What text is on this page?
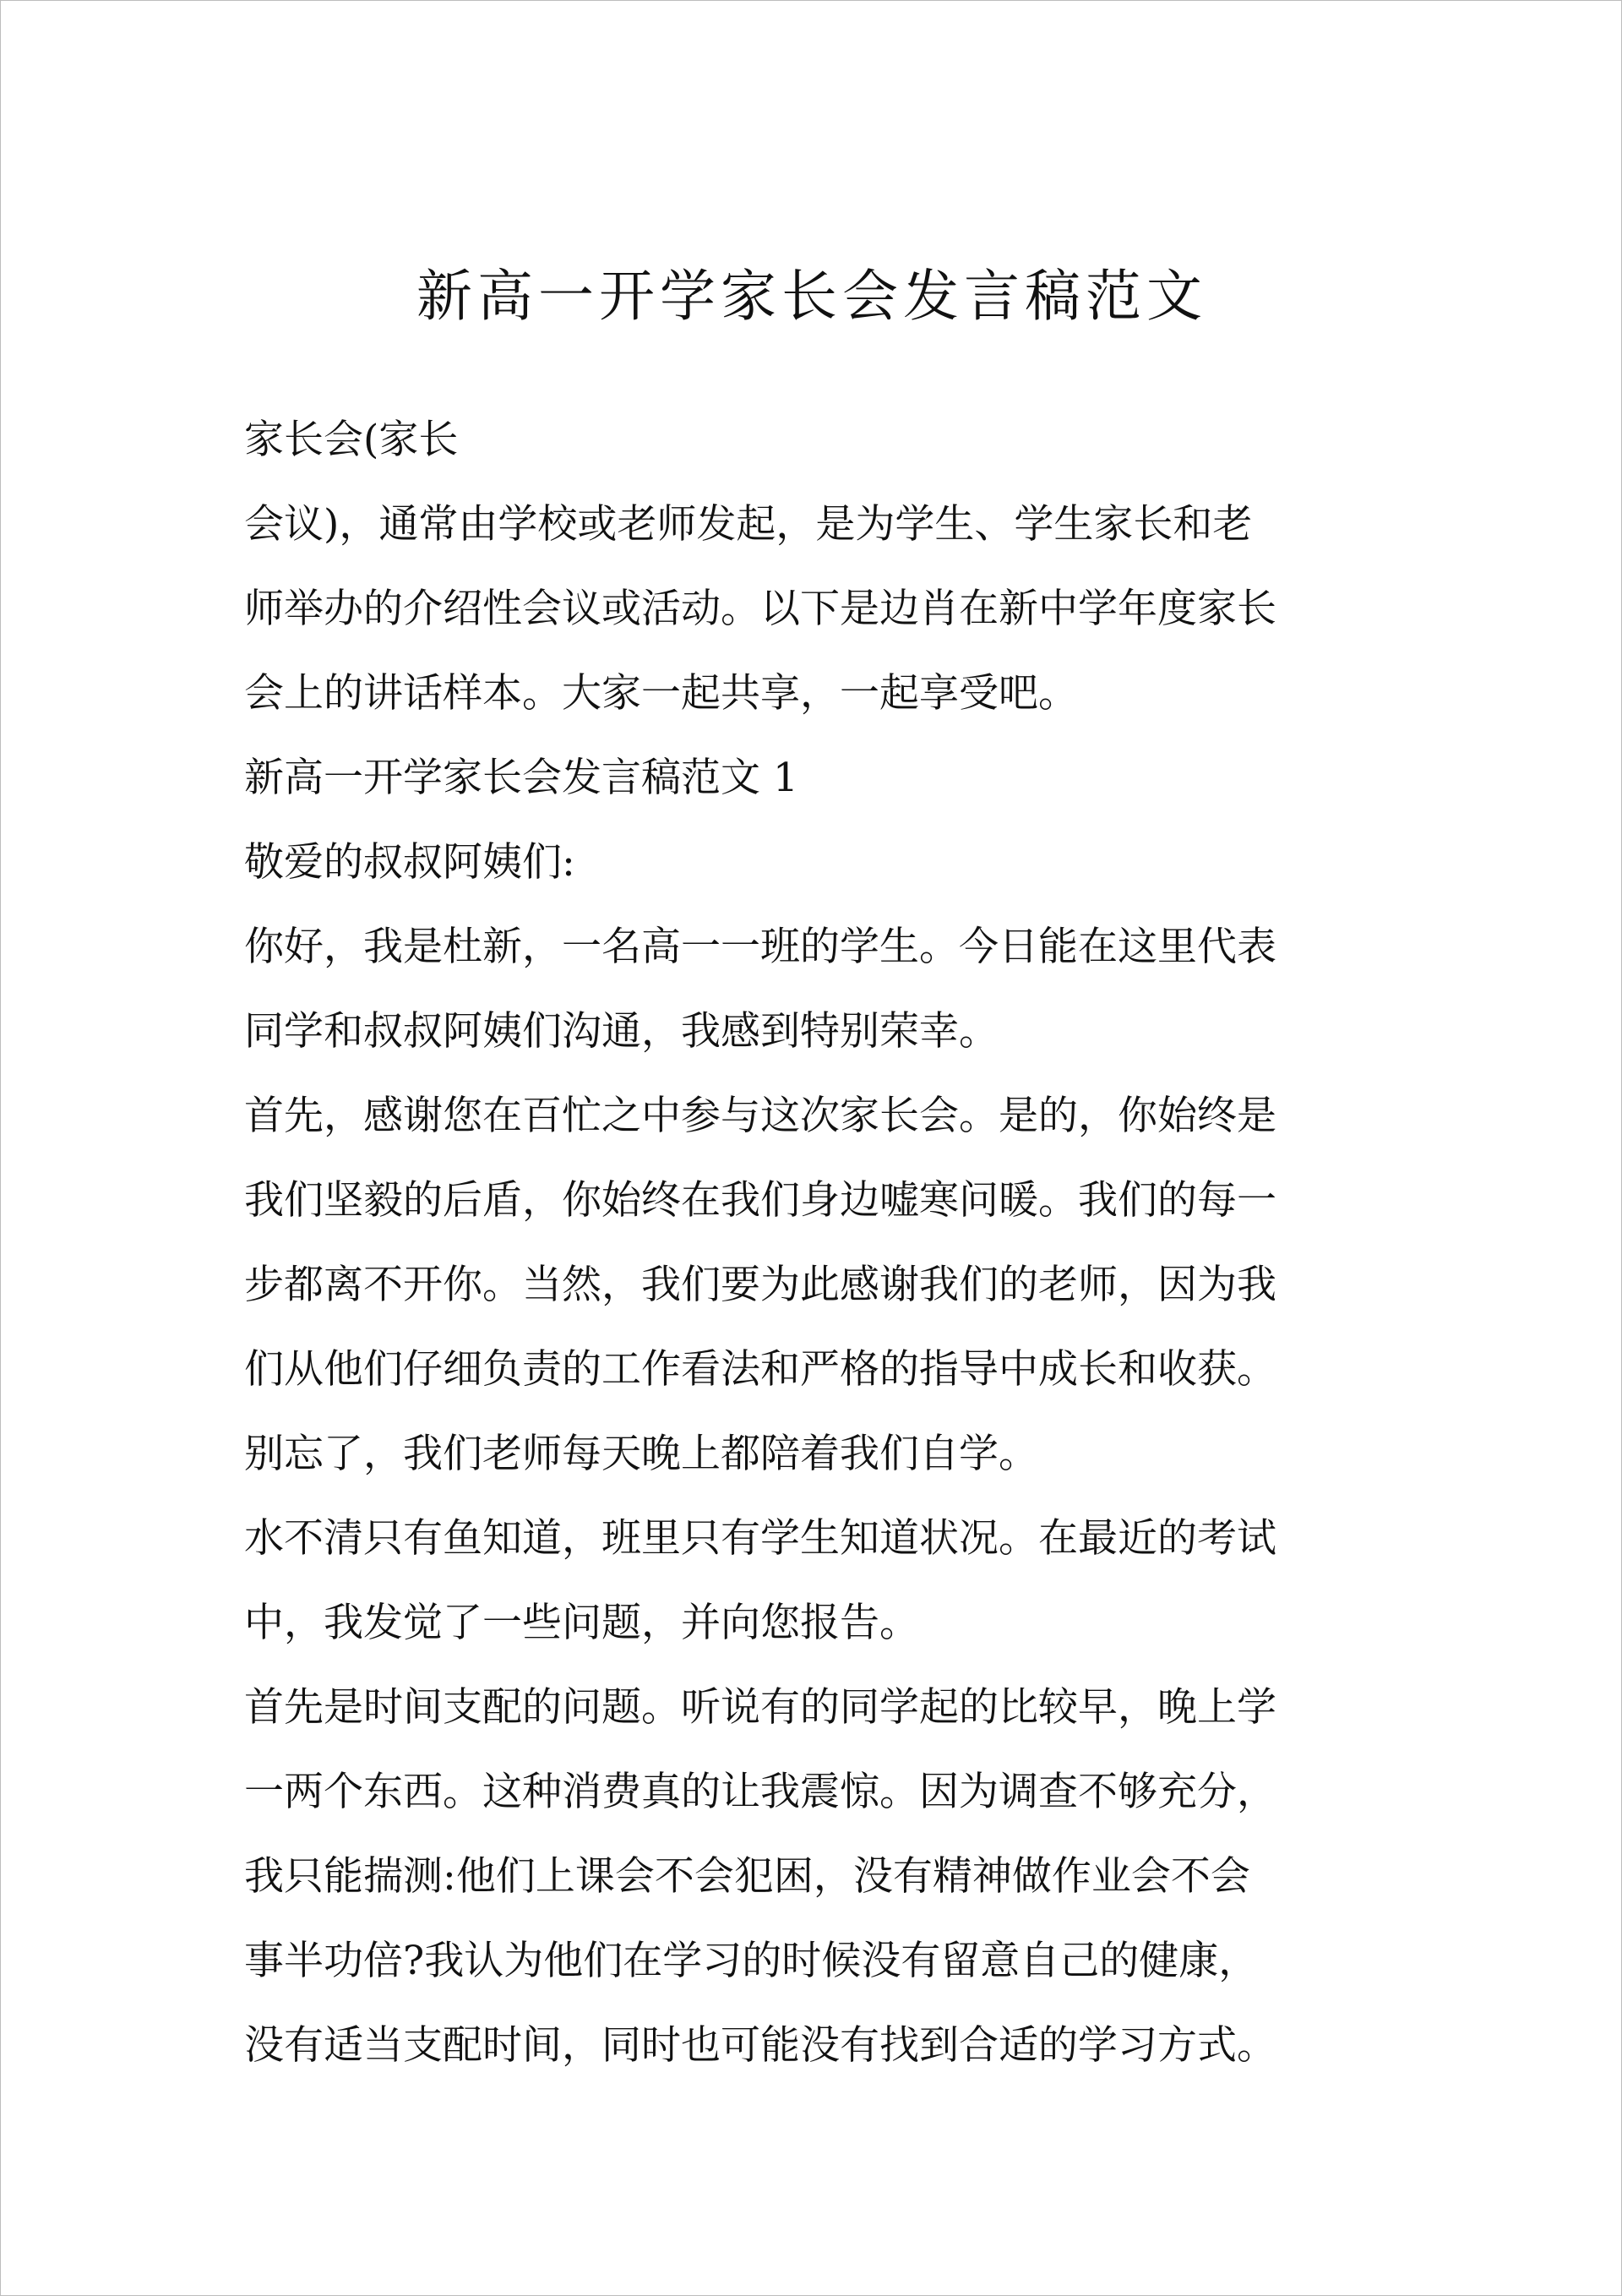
新高一开学家长会发言稿范文

家长会(家长

会议)，通常由学校或老师发起，是为学生、学生家长和老

师举办的介绍性会议或活动。以下是边肖在新中学年度家长

会上的讲话样本。大家一起共享，一起享受吧。

新高一开学家长会发言稿范文 1

敬爱的叔叔阿姨们:

你好，我是杜新，一名高一一班的学生。今日能在这里代表

同学和叔叔阿姨们沟通，我感到特别荣幸。

首先，感谢您在百忙之中参与这次家长会。是的，你始终是

我们坚毅的后盾，你始终在我们身边嘘寒问暖。我们的每一

步都离不开你。当然，我们要为此感谢我们的老师，因为我

们从他们仔细负责的工作看法和严格的指导中成长和收获。

别忘了，我们老师每天晚上都陪着我们自学。

水不清只有鱼知道，班里只有学生知道状况。在最近的考试

中，我发觉了一些问题，并向您报告。

首先是时间支配的问题。听说有的同学起的比较早，晚上学

一两个东西。这种消费真的让我震惊。因为调查不够充分，

我只能揣测:他们上课会不会犯困，没有精神做作业会不会

事半功倍?我认为他们在学习的时候没有留意自己的健康，

没有适当支配时间，同时也可能没有找到合适的学习方式。
